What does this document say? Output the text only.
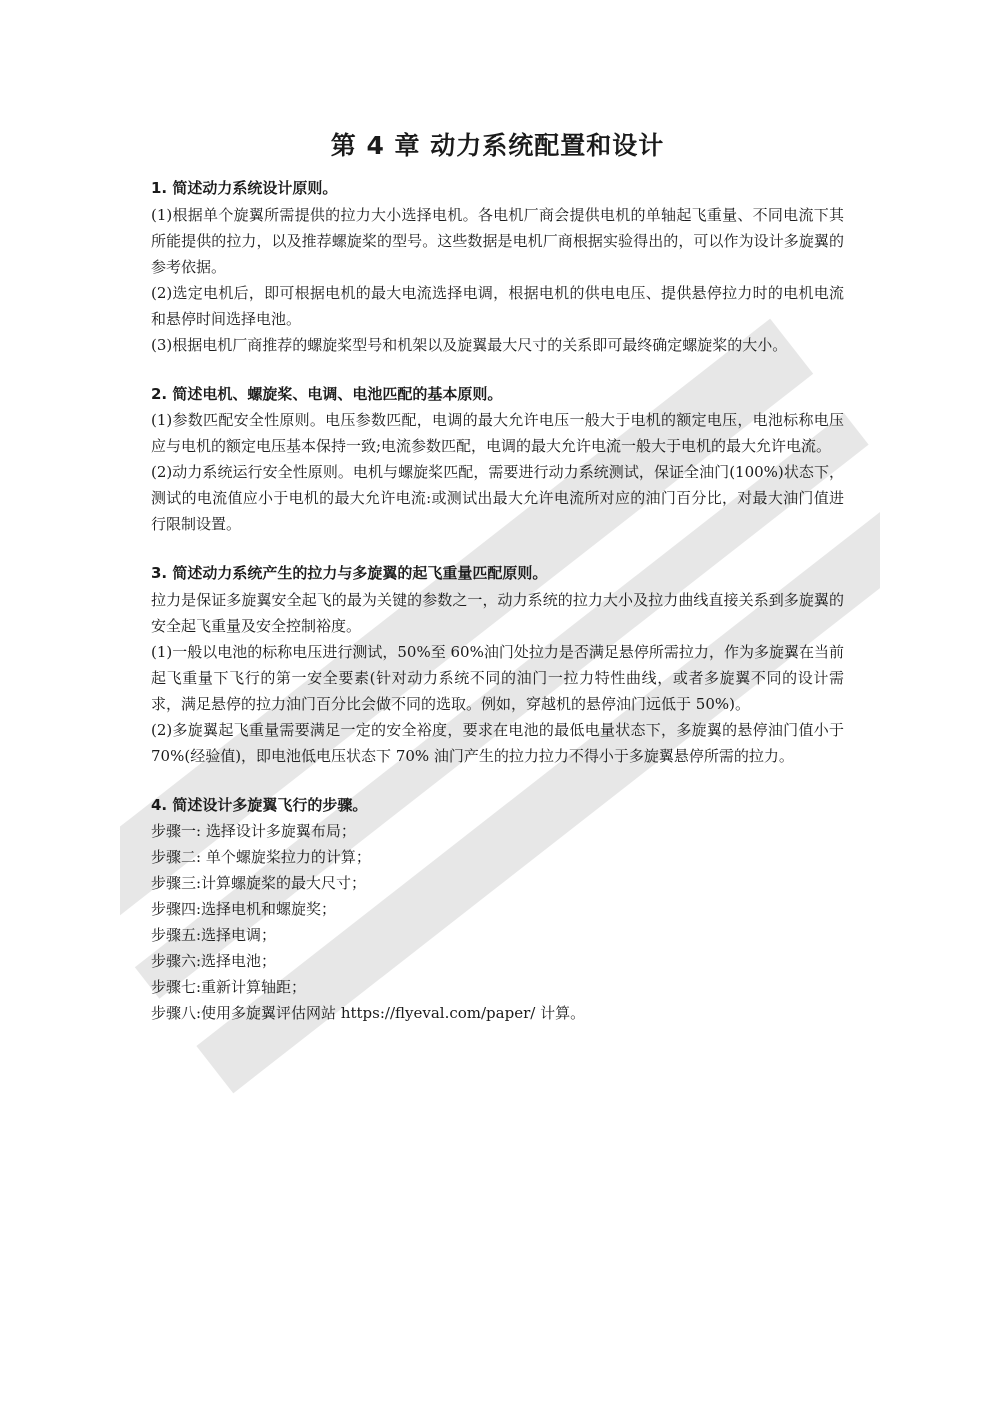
第 4 章 动力系统配置和设计

1. 简述动力系统设计原则。

(1)根据单个旋翼所需提供的拉力大小选择电机。各电机厂商会提供电机的单轴起飞重量、不同电流下其所能提供的拉力，以及推荐螺旋桨的型号。这些数据是电机厂商根据实验得出的，可以作为设计多旋翼的参考依据。

(2)选定电机后，即可根据电机的最大电流选择电调，根据电机的供电电压、提供悬停拉力时的电机电流和悬停时间选择电池。

(3)根据电机厂商推荐的螺旋桨型号和机架以及旋翼最大尺寸的关系即可最终确定螺旋桨的大小。

2. 简述电机、螺旋桨、电调、电池匹配的基本原则。

(1)参数匹配安全性原则。电压参数匹配，电调的最大允许电压一般大于电机的额定电压，电池标称电压应与电机的额定电压基本保持一致;电流参数匹配，电调的最大允许电流一般大于电机的最大允许电流。

(2)动力系统运行安全性原则。电机与螺旋桨匹配，需要进行动力系统测试，保证全油门(100%)状态下，测试的电流值应小于电机的最大允许电流:或测试出最大允许电流所对应的油门百分比，对最大油门值进行限制设置。

3. 简述动力系统产生的拉力与多旋翼的起飞重量匹配原则。

拉力是保证多旋翼安全起飞的最为关键的参数之一，动力系统的拉力大小及拉力曲线直接关系到多旋翼的安全起飞重量及安全控制裕度。

(1)一般以电池的标称电压进行测试，50%至 60%油门处拉力是否满足悬停所需拉力，作为多旋翼在当前起飞重量下飞行的第一安全要素(针对动力系统不同的油门一拉力特性曲线，或者多旋翼不同的设计需求，满足悬停的拉力油门百分比会做不同的选取。例如，穿越机的悬停油门远低于 50%)。

(2)多旋翼起飞重量需要满足一定的安全裕度，要求在电池的最低电量状态下，多旋翼的悬停油门值小于 70%(经验值)，即电池低电压状态下 70% 油门产生的拉力拉力不得小于多旋翼悬停所需的拉力。

4. 简述设计多旋翼飞行的步骤。

步骤一: 选择设计多旋翼布局；

步骤二: 单个螺旋桨拉力的计算；

步骤三:计算螺旋桨的最大尺寸；

步骤四:选择电机和螺旋奖；

步骤五:选择电调；

步骤六:选择电池；

步骤七:重新计算轴距；

步骤八:使用多旋翼评估网站 https://flyeval.com/paper/ 计算。
